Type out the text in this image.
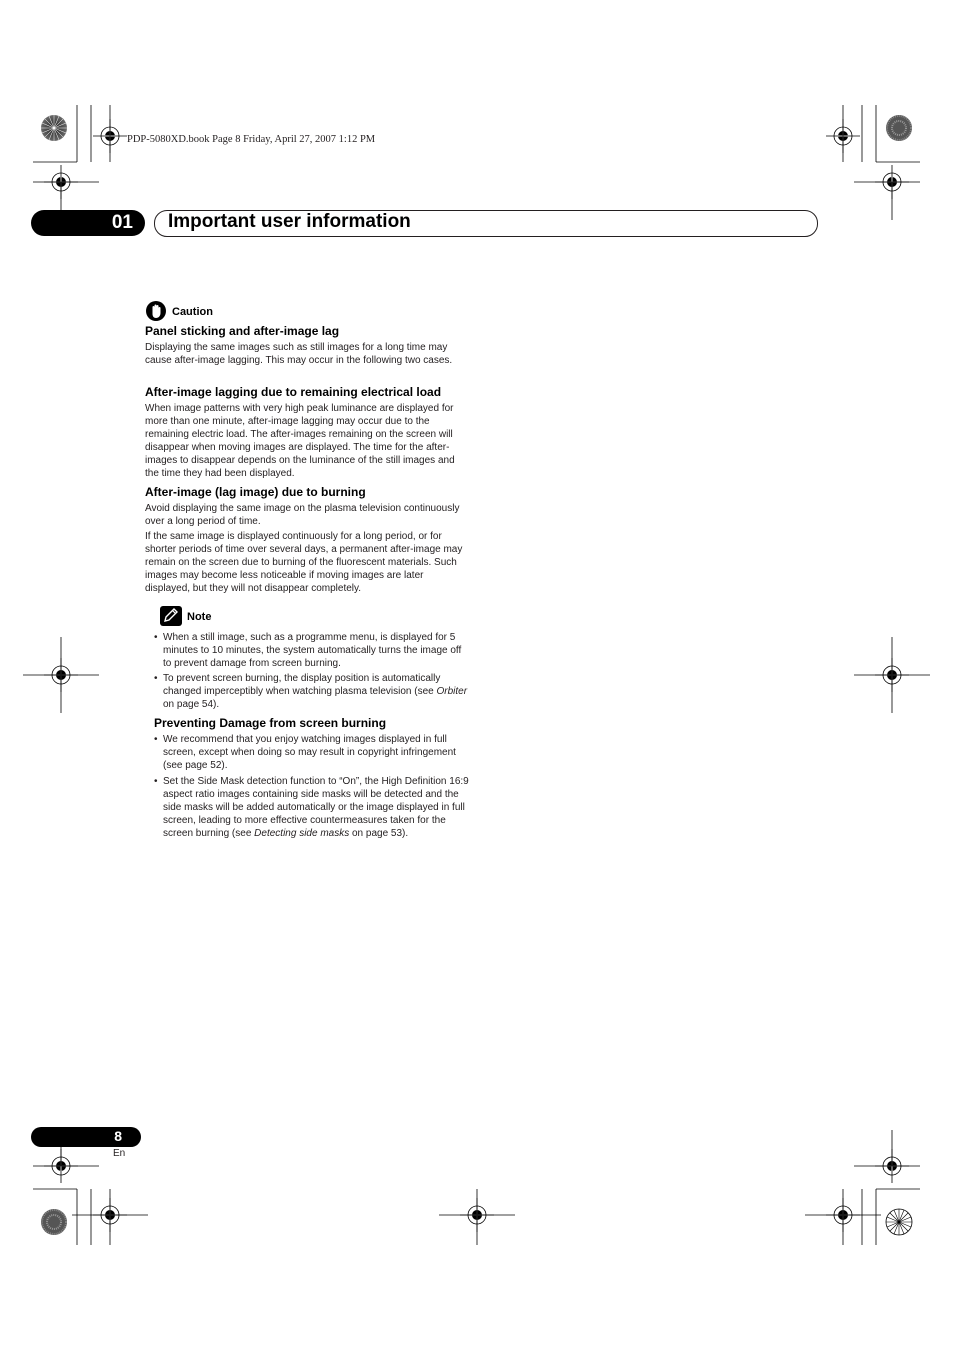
PDP-5080XD.book Page 8 Friday, April 27, 2007 1:12 PM
01 Important user information
Caution
Panel sticking and after-image lag

Displaying the same images such as still images for a long time may cause after-image lagging. This may occur in the following two cases.

After-image lagging due to remaining electrical load

When image patterns with very high peak luminance are displayed for more than one minute, after-image lagging may occur due to the remaining electric load. The after-images remaining on the screen will disappear when moving images are displayed. The time for the after-images to disappear depends on the luminance of the still images and the time they had been displayed.

After-image (lag image) due to burning

Avoid displaying the same image on the plasma television continuously over a long period of time.

If the same image is displayed continuously for a long period, or for shorter periods of time over several days, a permanent after-image may remain on the screen due to burning of the fluorescent materials. Such images may become less noticeable if moving images are later displayed, but they will not disappear completely.

Note
• When a still image, such as a programme menu, is displayed for 5 minutes to 10 minutes, the system automatically turns the image off to prevent damage from screen burning.
• To prevent screen burning, the display position is automatically changed imperceptibly when watching plasma television (see Orbiter on page 54).
Preventing Damage from screen burning
• We recommend that you enjoy watching images displayed in full screen, except when doing so may result in copyright infringement (see page 52).
• Set the Side Mask detection function to “On”, the High Definition 16:9 aspect ratio images containing side masks will be detected and the side masks will be added automatically or the image displayed in full screen, leading to more effective countermeasures taken for the screen burning (see Detecting side masks on page 53).
8
En
